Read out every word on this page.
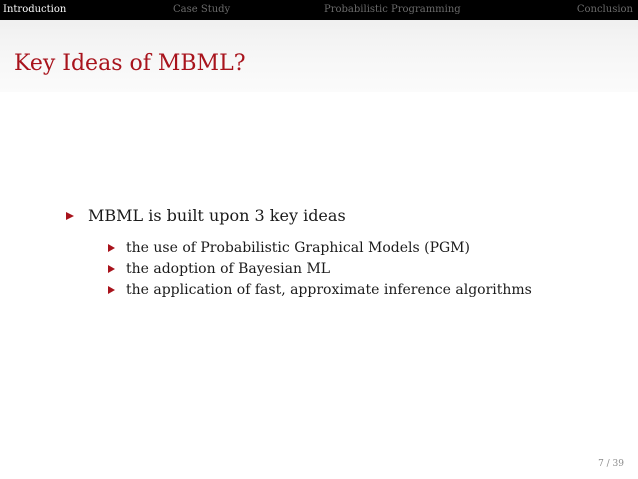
Introduction	Case Study	Probabilistic Programming	Conclusion
Key Ideas of MBML?
MBML is built upon 3 key ideas
the use of Probabilistic Graphical Models (PGM)
the adoption of Bayesian ML
the application of fast, approximate inference algorithms
7 / 39
